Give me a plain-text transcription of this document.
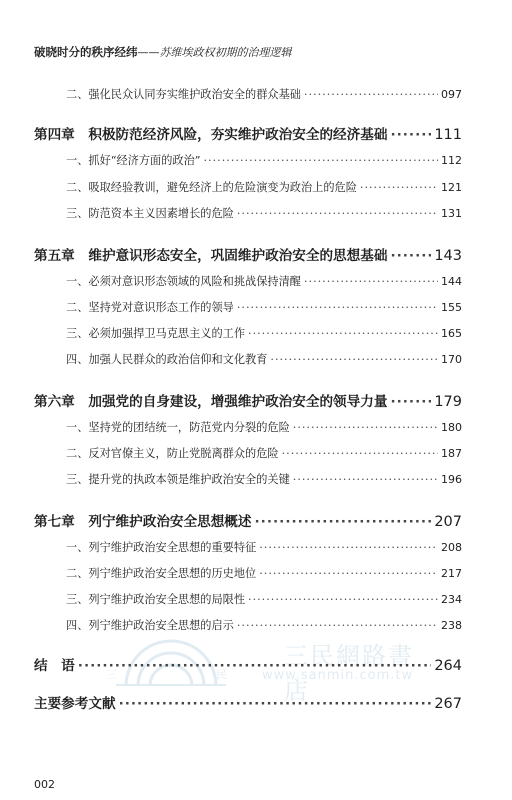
破晓时分的秩序经纬——苏维埃政权初期的治理逻辑
三	民
三民網路書店
www.sanmin.com.tw
二、强化民众认同夯实维护政治安全的群众基础 ·····	097
第四章　积极防范经济风险，夯实维护政治安全的经济基础 ·····	111
一、抓好“经济方面的政治” ·····	112
二、吸取经验教训，避免经济上的危险演变为政治上的危险 ·····	121
三、防范资本主义因素增长的危险 ·····	131
第五章　维护意识形态安全，巩固维护政治安全的思想基础 ·····	143
一、必须对意识形态领域的风险和挑战保持清醒 ·····	144
二、坚持党对意识形态工作的领导 ·····	155
三、必须加强捍卫马克思主义的工作 ·····	165
四、加强人民群众的政治信仰和文化教育 ·····	170
第六章　加强党的自身建设，增强维护政治安全的领导力量 ·····	179
一、坚持党的团结统一，防范党内分裂的危险 ·····	180
二、反对官僚主义，防止党脱离群众的危险 ·····	187
三、提升党的执政本领是维护政治安全的关键 ·····	196
第七章　列宁维护政治安全思想概述 ·····	207
一、列宁维护政治安全思想的重要特征 ·····	208
二、列宁维护政治安全思想的历史地位 ·····	217
三、列宁维护政治安全思想的局限性 ·····	234
四、列宁维护政治安全思想的启示 ·····	238
结　语 ·····	264
主要参考文献 ·····	267
002
